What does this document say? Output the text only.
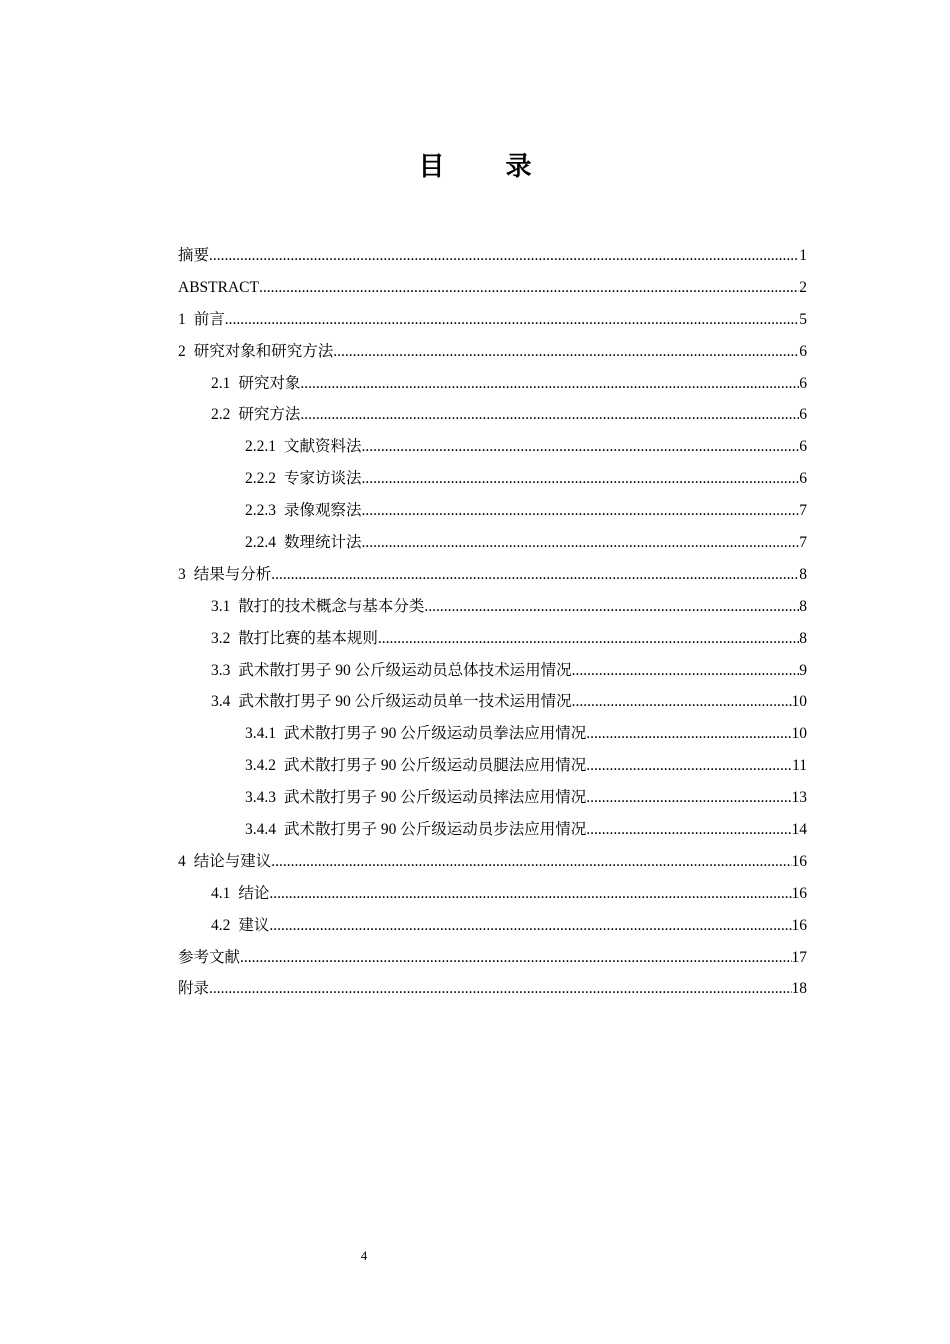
目 录
摘要 .....	1
ABSTRACT .....	2
1 前言 .....	5
2 研究对象和研究方法 .....	6
2.1 研究对象 .....	6
2.2 研究方法 .....	6
2.2.1 文献资料法 .....	6
2.2.2 专家访谈法 .....	6
2.2.3 录像观察法 .....	7
2.2.4 数理统计法 .....	7
3 结果与分析 .....	8
3.1 散打的技术概念与基本分类 .....	8
3.2 散打比赛的基本规则 .....	8
3.3 武术散打男子 90 公斤级运动员总体技术运用情况 .....	9
3.4 武术散打男子 90 公斤级运动员单一技术运用情况 .....	10
3.4.1 武术散打男子 90 公斤级运动员拳法应用情况 .....	10
3.4.2 武术散打男子 90 公斤级运动员腿法应用情况 .....	11
3.4.3 武术散打男子 90 公斤级运动员摔法应用情况 .....	13
3.4.4 武术散打男子 90 公斤级运动员步法应用情况 .....	14
4 结论与建议 .....	16
4.1 结论 .....	16
4.2 建议 .....	16
参考文献 .....	17
附录 .....	18
4
